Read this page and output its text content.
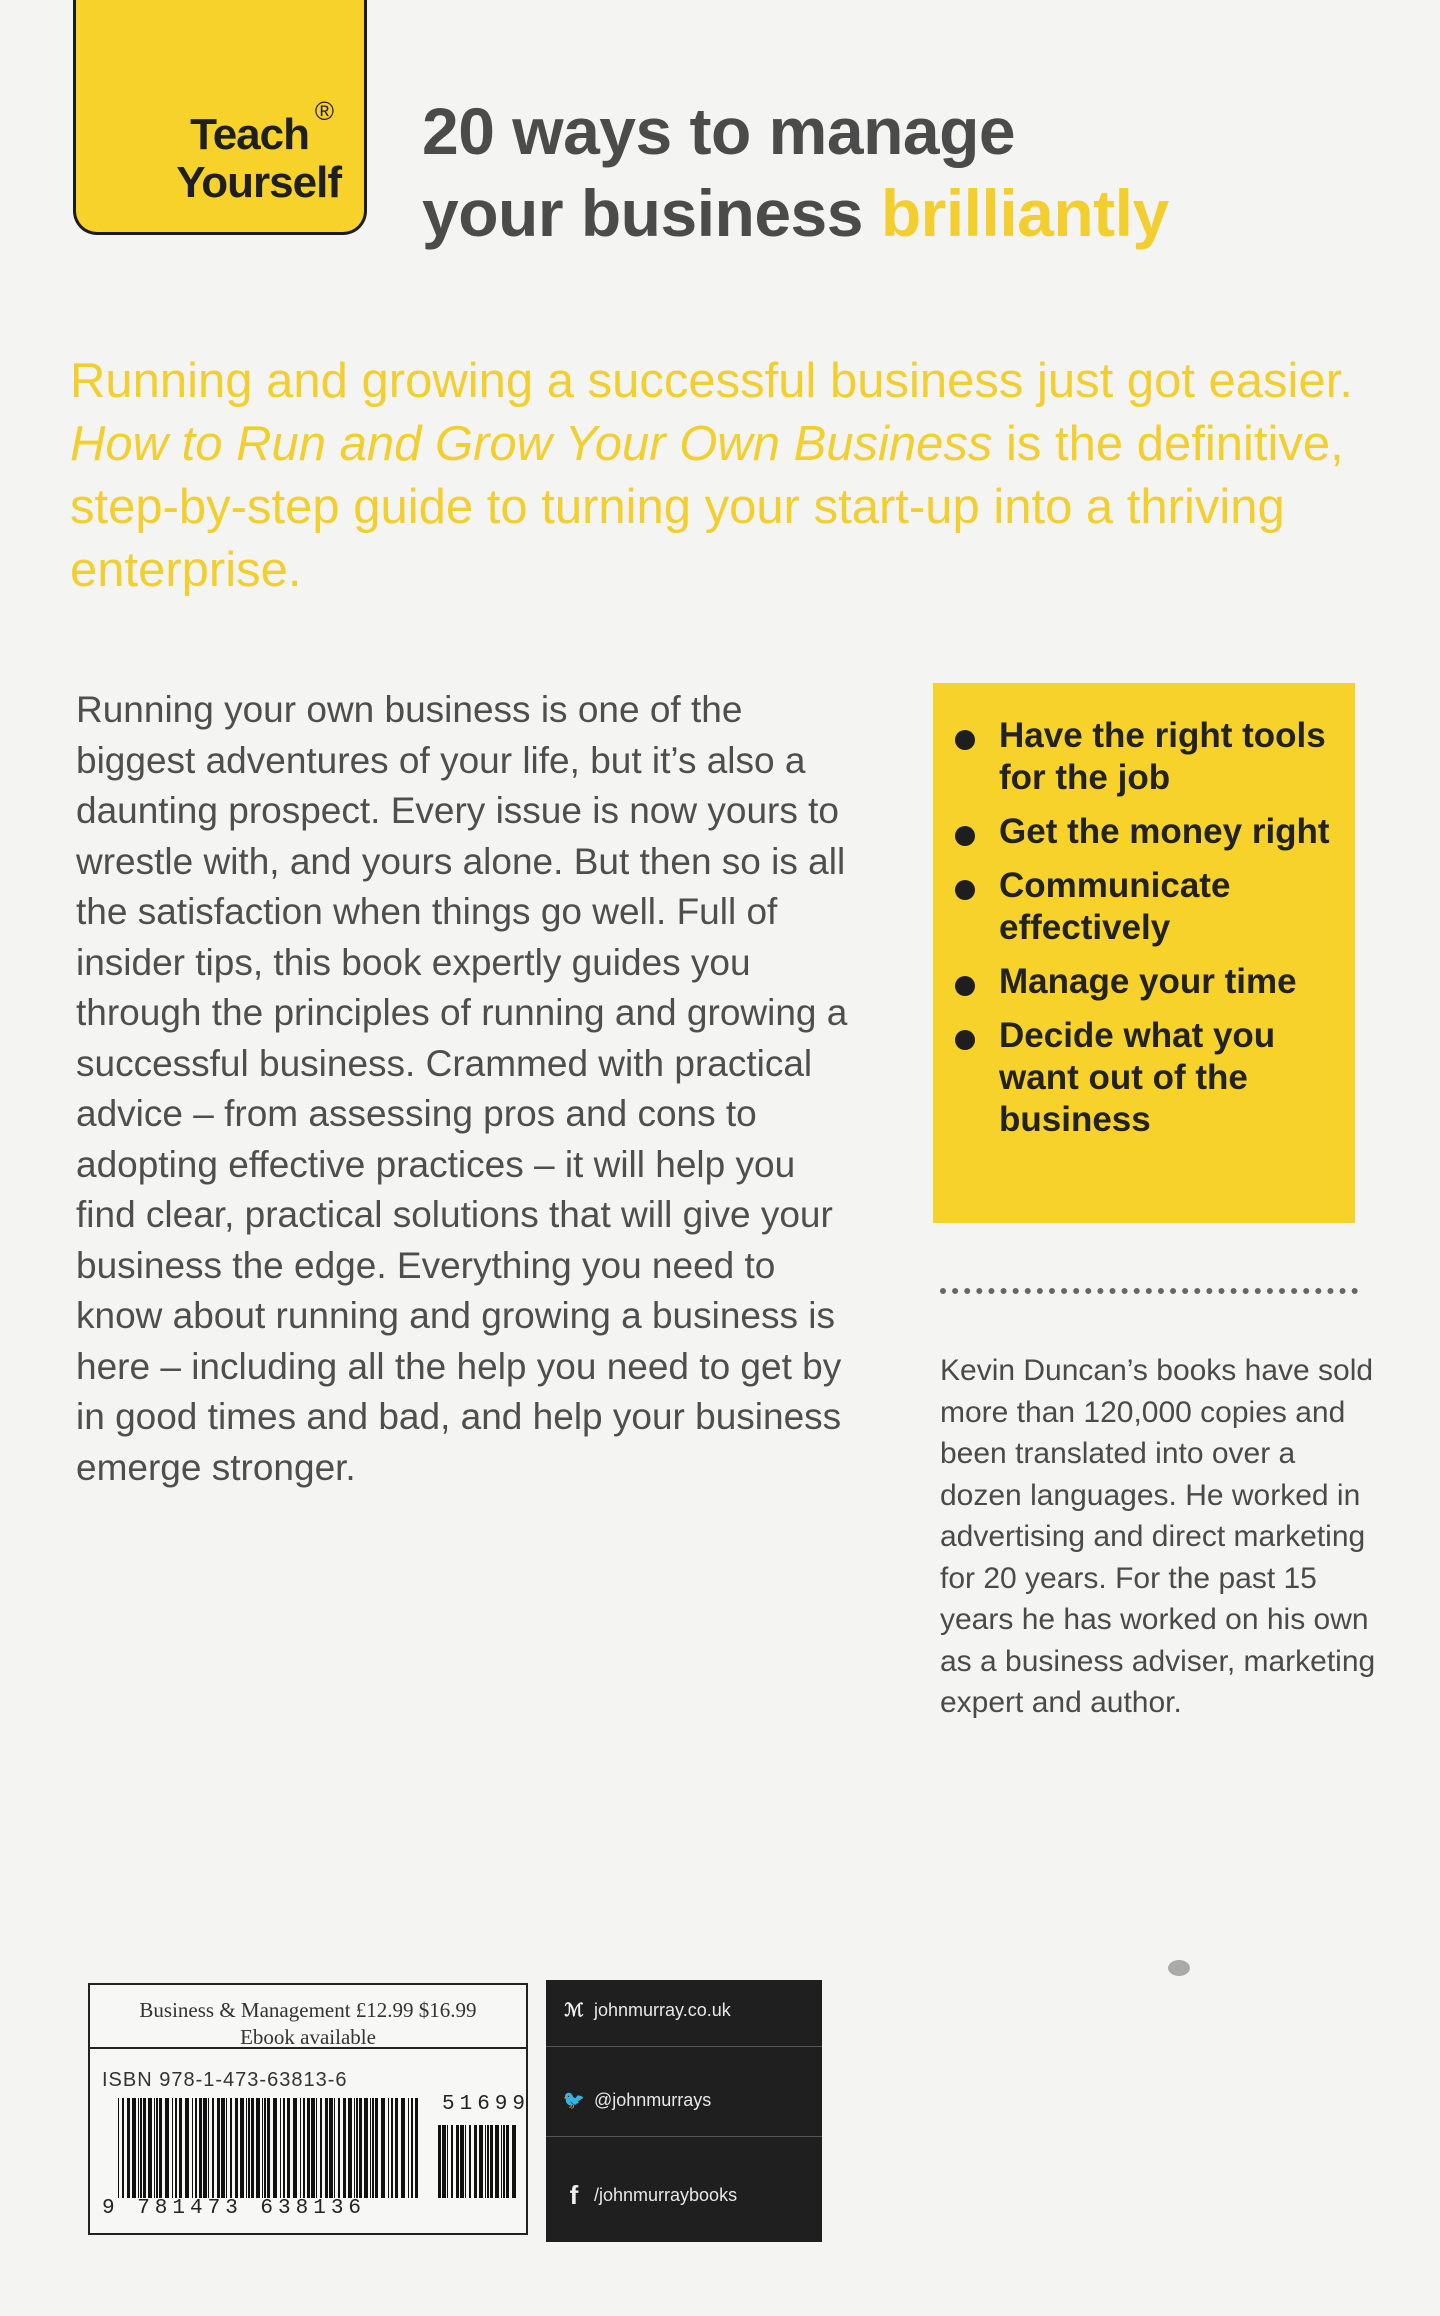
Teach ®
Yourself
20 ways to manage
your business brilliantly
Running and growing a successful business just got easier. How to Run and Grow Your Own Business is the definitive, step-by-step guide to turning your start-up into a thriving enterprise.
Running your own business is one of the biggest adventures of your life, but it’s also a daunting prospect. Every issue is now yours to wrestle with, and yours alone. But then so is all the satisfaction when things go well. Full of insider tips, this book expertly guides you through the principles of running and growing a successful business. Crammed with practical advice – from assessing pros and cons to adopting effective practices – it will help you find clear, practical solutions that will give your business the edge. Everything you need to know about running and growing a business is here – including all the help you need to get by in good times and bad, and help your business emerge stronger.
Have the right tools for the job
Get the money right
Communicate effectively
Manage your time
Decide what you want out of the business
Kevin Duncan’s books have sold more than 120,000 copies and been translated into over a dozen languages. He worked in advertising and direct marketing for 20 years. For the past 15 years he has worked on his own as a business adviser, marketing expert and author.
Business & Management £12.99 $16.99
Ebook available
ISBN 978-1-473-63813-6
51699
9 781473 638136
ℳ johnmurray.co.uk
🐦 @johnmurrays
f /johnmurraybooks
